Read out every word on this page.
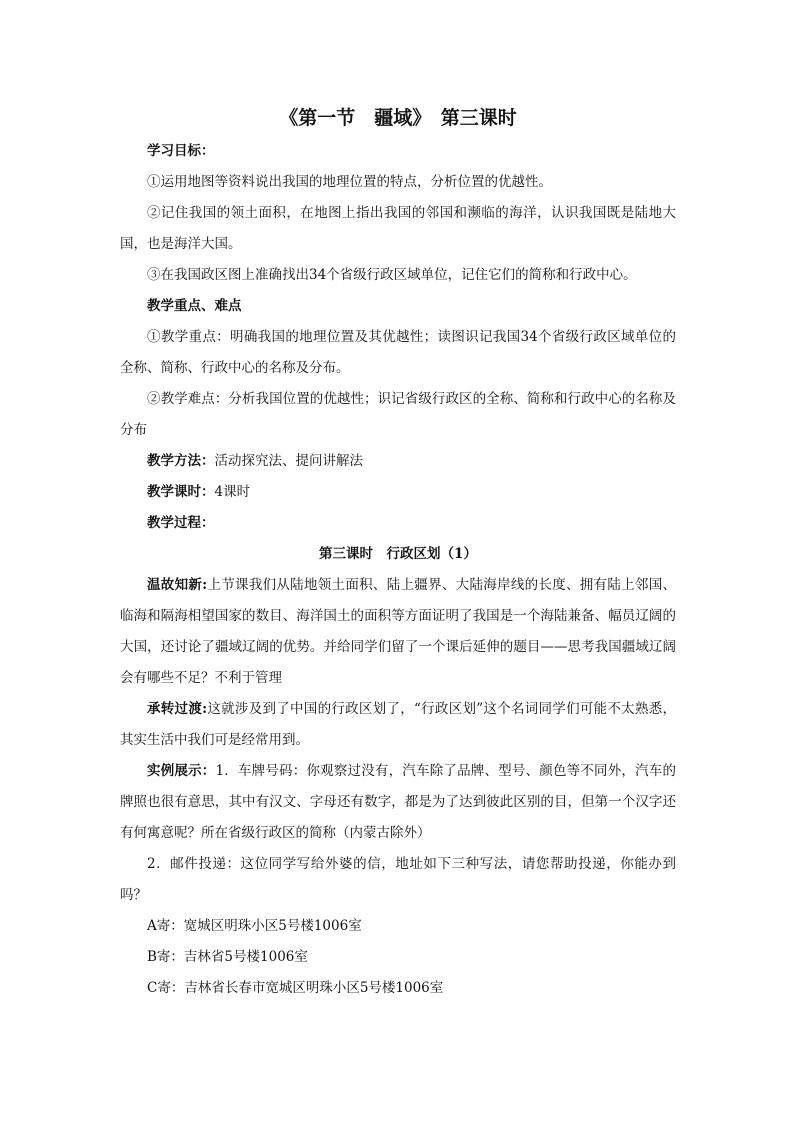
《第一节　疆域》　第三课时

学习目标：

①运用地图等资料说出我国的地理位置的特点，分析位置的优越性。

②记住我国的领土面积，在地图上指出我国的邻国和濒临的海洋，认识我国既是陆地大国，也是海洋大国。

③在我国政区图上准确找出34个省级行政区域单位，记住它们的简称和行政中心。

教学重点、难点

①教学重点：明确我国的地理位置及其优越性；读图识记我国34个省级行政区域单位的全称、简称、行政中心的名称及分布。

②教学难点：分析我国位置的优越性；识记省级行政区的全称、简称和行政中心的名称及分布

教学方法：活动探究法、提问讲解法

教学课时：4课时

教学过程：

第三课时　行政区划（1）

温故知新:上节课我们从陆地领土面积、陆上疆界、大陆海岸线的长度、拥有陆上邻国、临海和隔海相望国家的数目、海洋国土的面积等方面证明了我国是一个海陆兼备、幅员辽阔的大国，还讨论了疆域辽阔的优势。并给同学们留了一个课后延伸的题目——思考我国疆域辽阔会有哪些不足？不利于管理

承转过渡:这就涉及到了中国的行政区划了，“行政区划”这个名词同学们可能不太熟悉，其实生活中我们可是经常用到。

实例展示：1．车牌号码：你观察过没有，汽车除了品牌、型号、颜色等不同外，汽车的牌照也很有意思，其中有汉文、字母还有数字，都是为了达到彼此区别的目，但第一个汉字还有何寓意呢？所在省级行政区的简称（内蒙古除外）

2．邮件投递：这位同学写给外婆的信，地址如下三种写法，请您帮助投递，你能办到吗？

A寄：宽城区明珠小区5号楼1006室

B寄：吉林省5号楼1006室

C寄：吉林省长春市宽城区明珠小区5号楼1006室
